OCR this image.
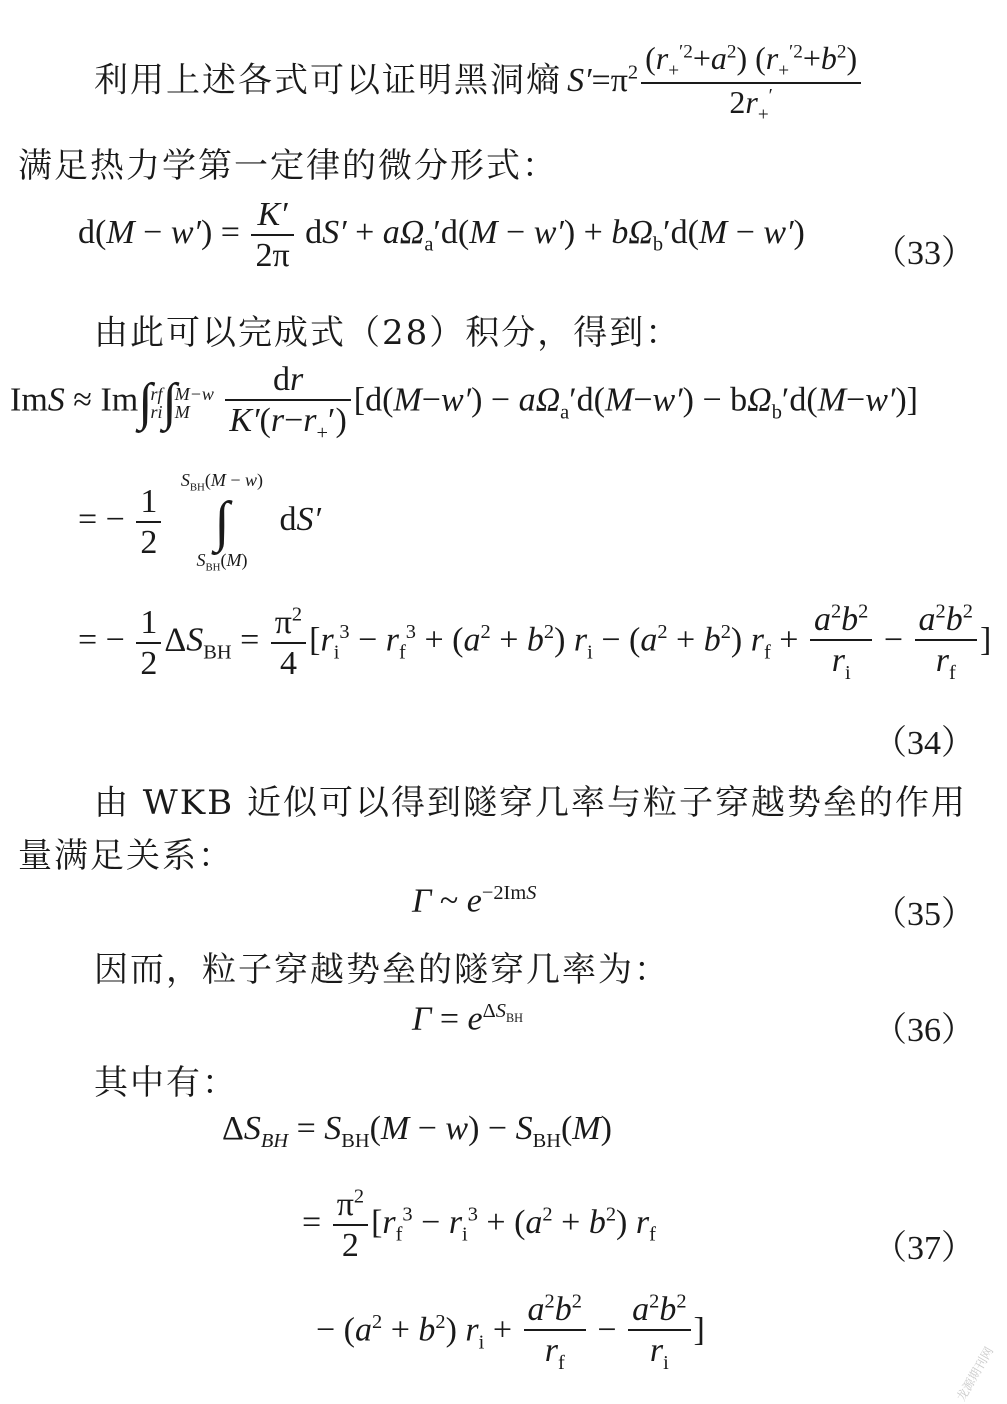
利用上述各式可以证明黑洞熵 $S'=\pi^2 \frac{(r_+^{'2}+a^2) (r_+^{'2}+b^2)}{2r_+'}$
满足热力学第一定律的微分形式：
$d(M - w') = \frac{K'}{2\pi} dS' + a\Omega_a'd(M - w') + b\Omega_b'd(M - w')$
（33）
由此可以完成式（28）积分，得到：
ImS ≈ Im∫
rf
ri ∫
M−w
M
	$\frac{dr}{K'(r-r_+')} [d(M-w') - a\Omega_a'd(M-w') - b\Omega_b'd(M-w')]$
= − $\frac{1}{2}$

$S_{BH}(M - w)$
∫
$S_{BH}(M)$
dS′
= − $\frac{1}{2} \Delta S_{BH} = \frac{\pi^2}{4} [r_i^3 - r_f^3 + (a^2 + b^2) r_i - (a^2 + b^2) r_f + \frac{a^2b^2}{r_i} - \frac{a^2b^2}{r_f}$ ]
（34）
由 WKB 近似可以得到隧穿几率与粒子穿越势垒的作用
量满足关系：
Γ ~ $e^{-2ImS}$
（35）
因而，粒子穿越势垒的隧穿几率为：
$\Gamma = e^{\Delta S_{BH}}$	（36）
其中有：
$\Delta S_{BH} = S_{BH}(M - w) - S_{BH}(M)$
= $\frac{\pi^2}{2} [r_f^3 - r_i^3 + (a^2 + b^2)$ $r_f$	（37）
− $(a^2 + b^2) r_i + \frac{a^2b^2}{r_f} - \frac{a^2b^2}{r_i}$ ]
龙源期刊网
